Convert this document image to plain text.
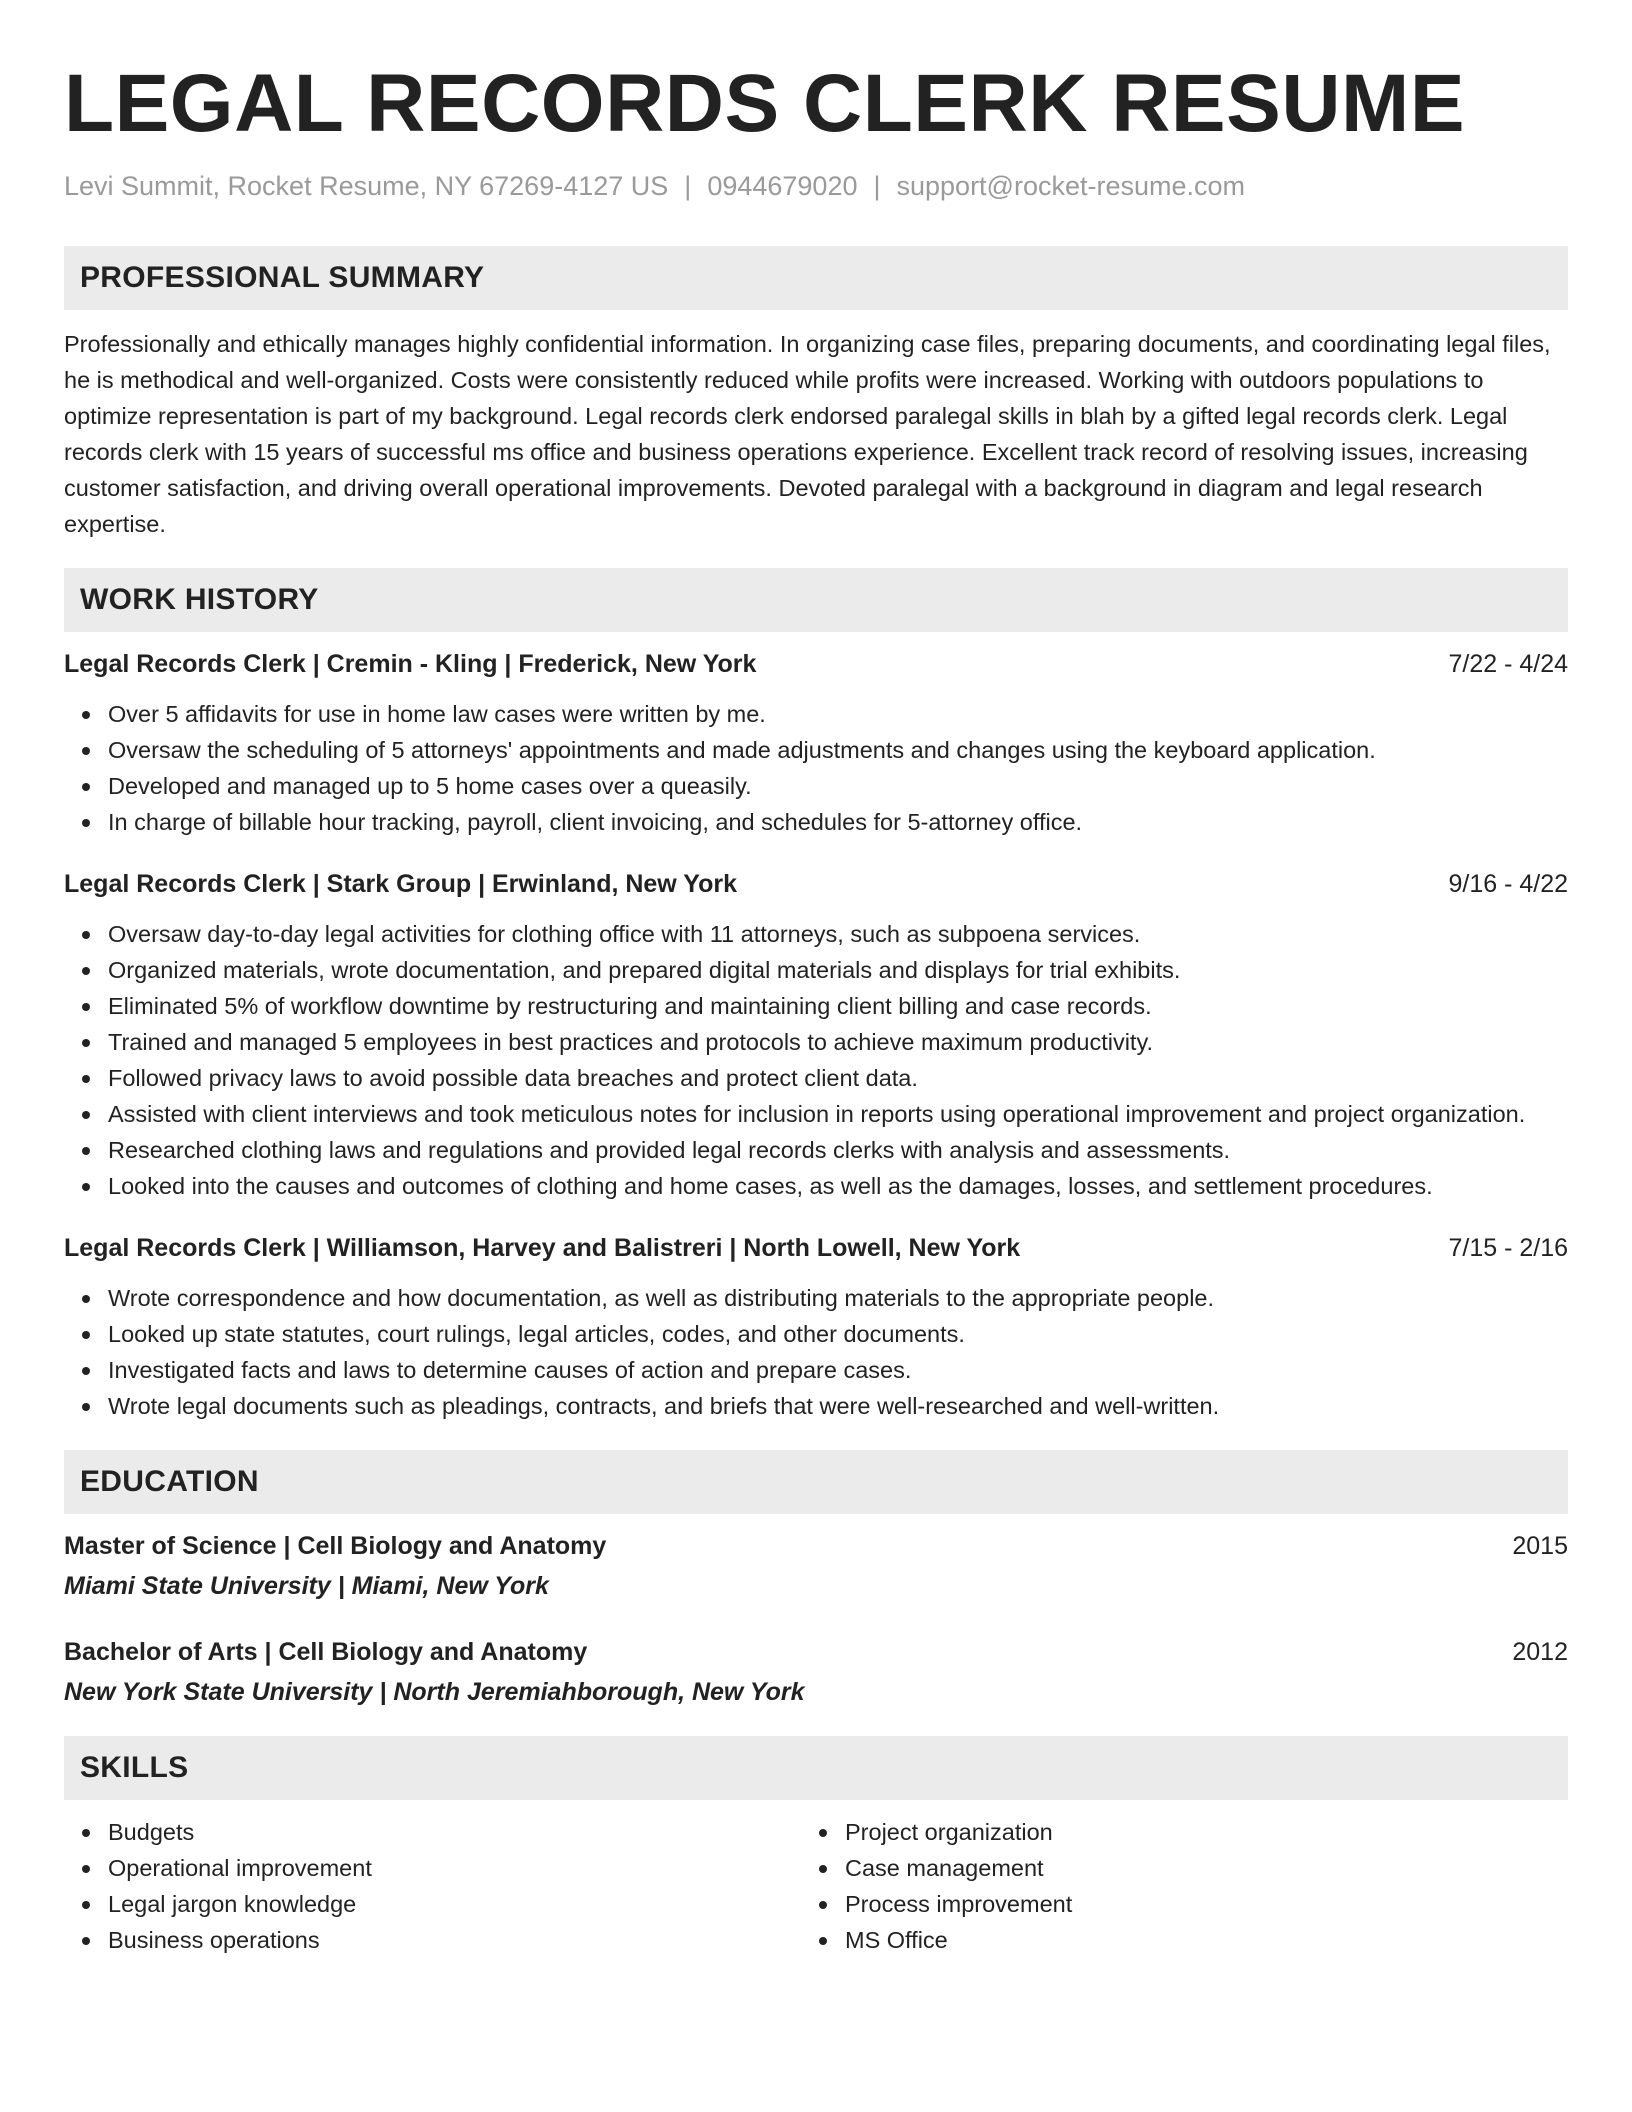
LEGAL RECORDS CLERK RESUME
Levi Summit, Rocket Resume, NY 67269-4127 US | 0944679020 | support@rocket-resume.com
PROFESSIONAL SUMMARY

Professionally and ethically manages highly confidential information. In organizing case files, preparing documents, and coordinating legal files, he is methodical and well-organized. Costs were consistently reduced while profits were increased. Working with outdoors populations to optimize representation is part of my background. Legal records clerk endorsed paralegal skills in blah by a gifted legal records clerk. Legal records clerk with 15 years of successful ms office and business operations experience. Excellent track record of resolving issues, increasing customer satisfaction, and driving overall operational improvements. Devoted paralegal with a background in diagram and legal research expertise.

WORK HISTORY
Legal Records Clerk | Cremin - Kling | Frederick, New York	7/22 - 4/24
Over 5 affidavits for use in home law cases were written by me.
Oversaw the scheduling of 5 attorneys' appointments and made adjustments and changes using the keyboard application.
Developed and managed up to 5 home cases over a queasily.
In charge of billable hour tracking, payroll, client invoicing, and schedules for 5-attorney office.
Legal Records Clerk | Stark Group | Erwinland, New York	9/16 - 4/22
Oversaw day-to-day legal activities for clothing office with 11 attorneys, such as subpoena services.
Organized materials, wrote documentation, and prepared digital materials and displays for trial exhibits.
Eliminated 5% of workflow downtime by restructuring and maintaining client billing and case records.
Trained and managed 5 employees in best practices and protocols to achieve maximum productivity.
Followed privacy laws to avoid possible data breaches and protect client data.
Assisted with client interviews and took meticulous notes for inclusion in reports using operational improvement and project organization.
Researched clothing laws and regulations and provided legal records clerks with analysis and assessments.
Looked into the causes and outcomes of clothing and home cases, as well as the damages, losses, and settlement procedures.
Legal Records Clerk | Williamson, Harvey and Balistreri | North Lowell, New York	7/15 - 2/16
Wrote correspondence and how documentation, as well as distributing materials to the appropriate people.
Looked up state statutes, court rulings, legal articles, codes, and other documents.
Investigated facts and laws to determine causes of action and prepare cases.
Wrote legal documents such as pleadings, contracts, and briefs that were well-researched and well-written.
EDUCATION
Master of Science | Cell Biology and Anatomy	2015
Miami State University | Miami, New York
Bachelor of Arts | Cell Biology and Anatomy	2012
New York State University | North Jeremiahborough, New York
SKILLS
Budgets
Operational improvement
Legal jargon knowledge
Business operations
Project organization
Case management
Process improvement
MS Office
